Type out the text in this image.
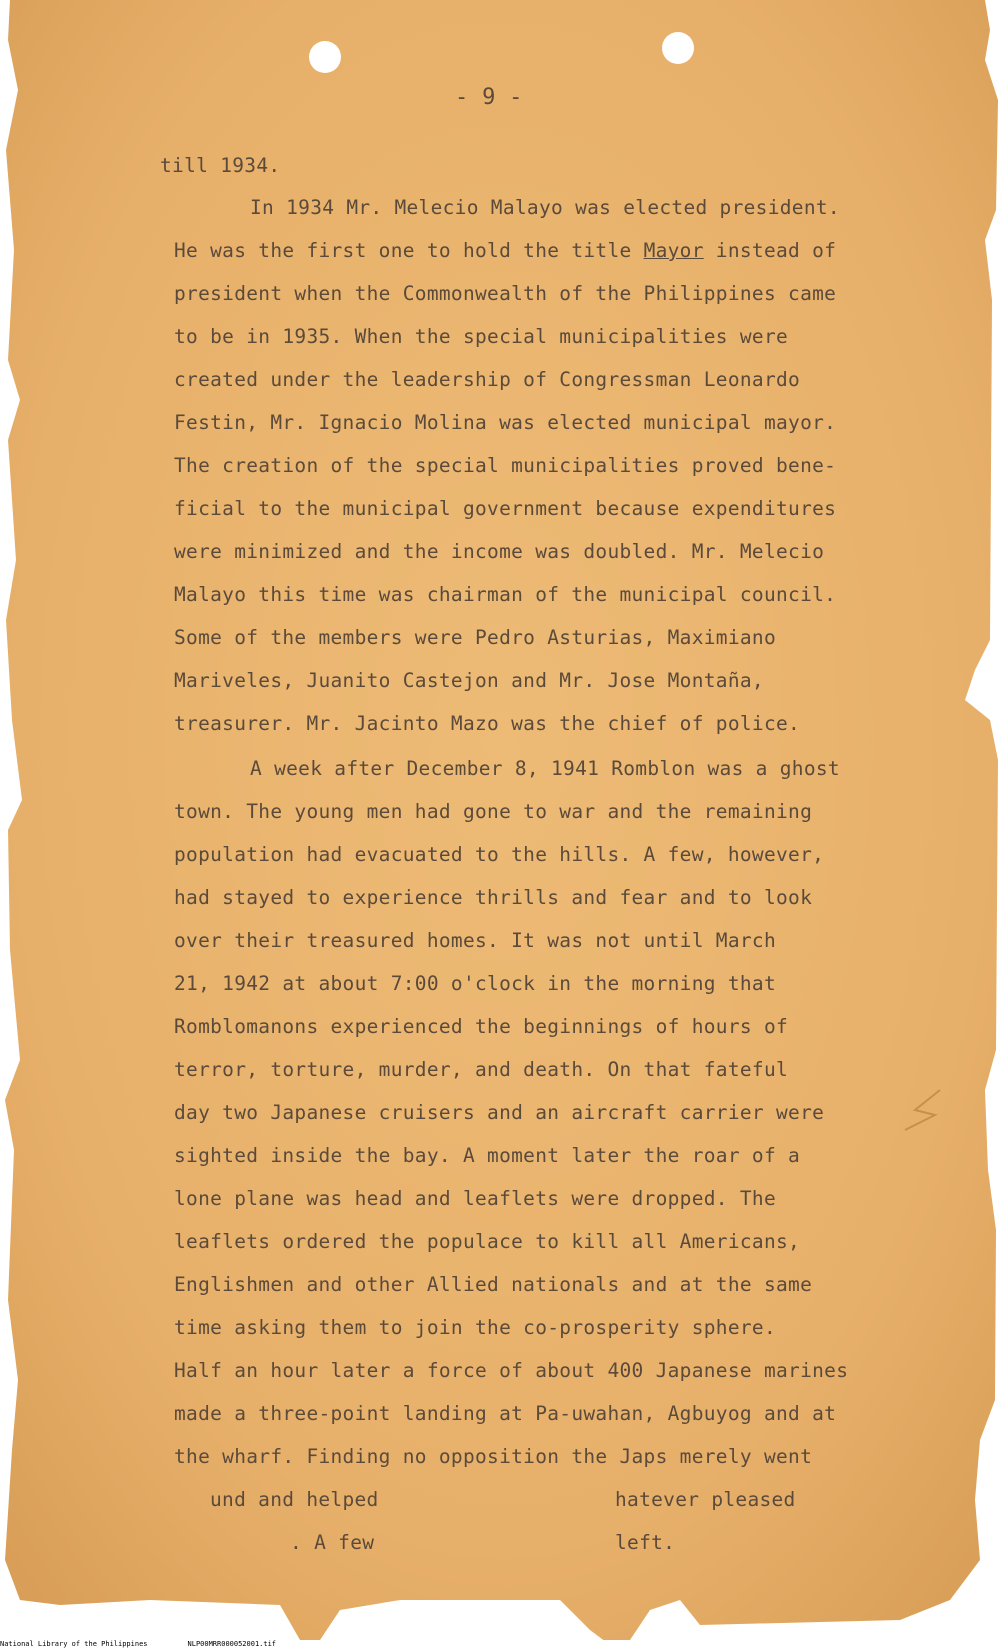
- 9 -
till 1934.
In 1934 Mr. Melecio Malayo was elected president.
He was the first one to hold the title Mayor instead of
president when the Commonwealth of the Philippines came
to be in 1935. When the special municipalities were
created under the leadership of Congressman Leonardo
Festin, Mr. Ignacio Molina was elected municipal mayor.
The creation of the special municipalities proved bene-
ficial to the municipal government because expenditures
were minimized and the income was doubled. Mr. Melecio
Malayo this time was chairman of the municipal council.
Some of the members were Pedro Asturias, Maximiano
Mariveles, Juanito Castejon and Mr. Jose Montaña,
treasurer. Mr. Jacinto Mazo was the chief of police.
A week after December 8, 1941 Romblon was a ghost
town. The young men had gone to war and the remaining
population had evacuated to the hills. A few, however,
had stayed to experience thrills and fear and to look
over their treasured homes. It was not until March
21, 1942 at about 7:00 o'clock in the morning that
Romblomanons experienced the beginnings of hours of
terror, torture, murder, and death. On that fateful
day two Japanese cruisers and an aircraft carrier were
sighted inside the bay. A moment later the roar of a
lone plane was head and leaflets were dropped. The
leaflets ordered the populace to kill all Americans,
Englishmen and other Allied nationals and at the same
time asking them to join the co-prosperity sphere.
Half an hour later a force of about 400 Japanese marines
made a three-point landing at Pa-uwahan, Agbuyog and at
the wharf. Finding no opposition the Japs merely went
und and helped	hatever pleased
. A few	left.
National Library of the Philippines	NLP00MRR000052001.tif
